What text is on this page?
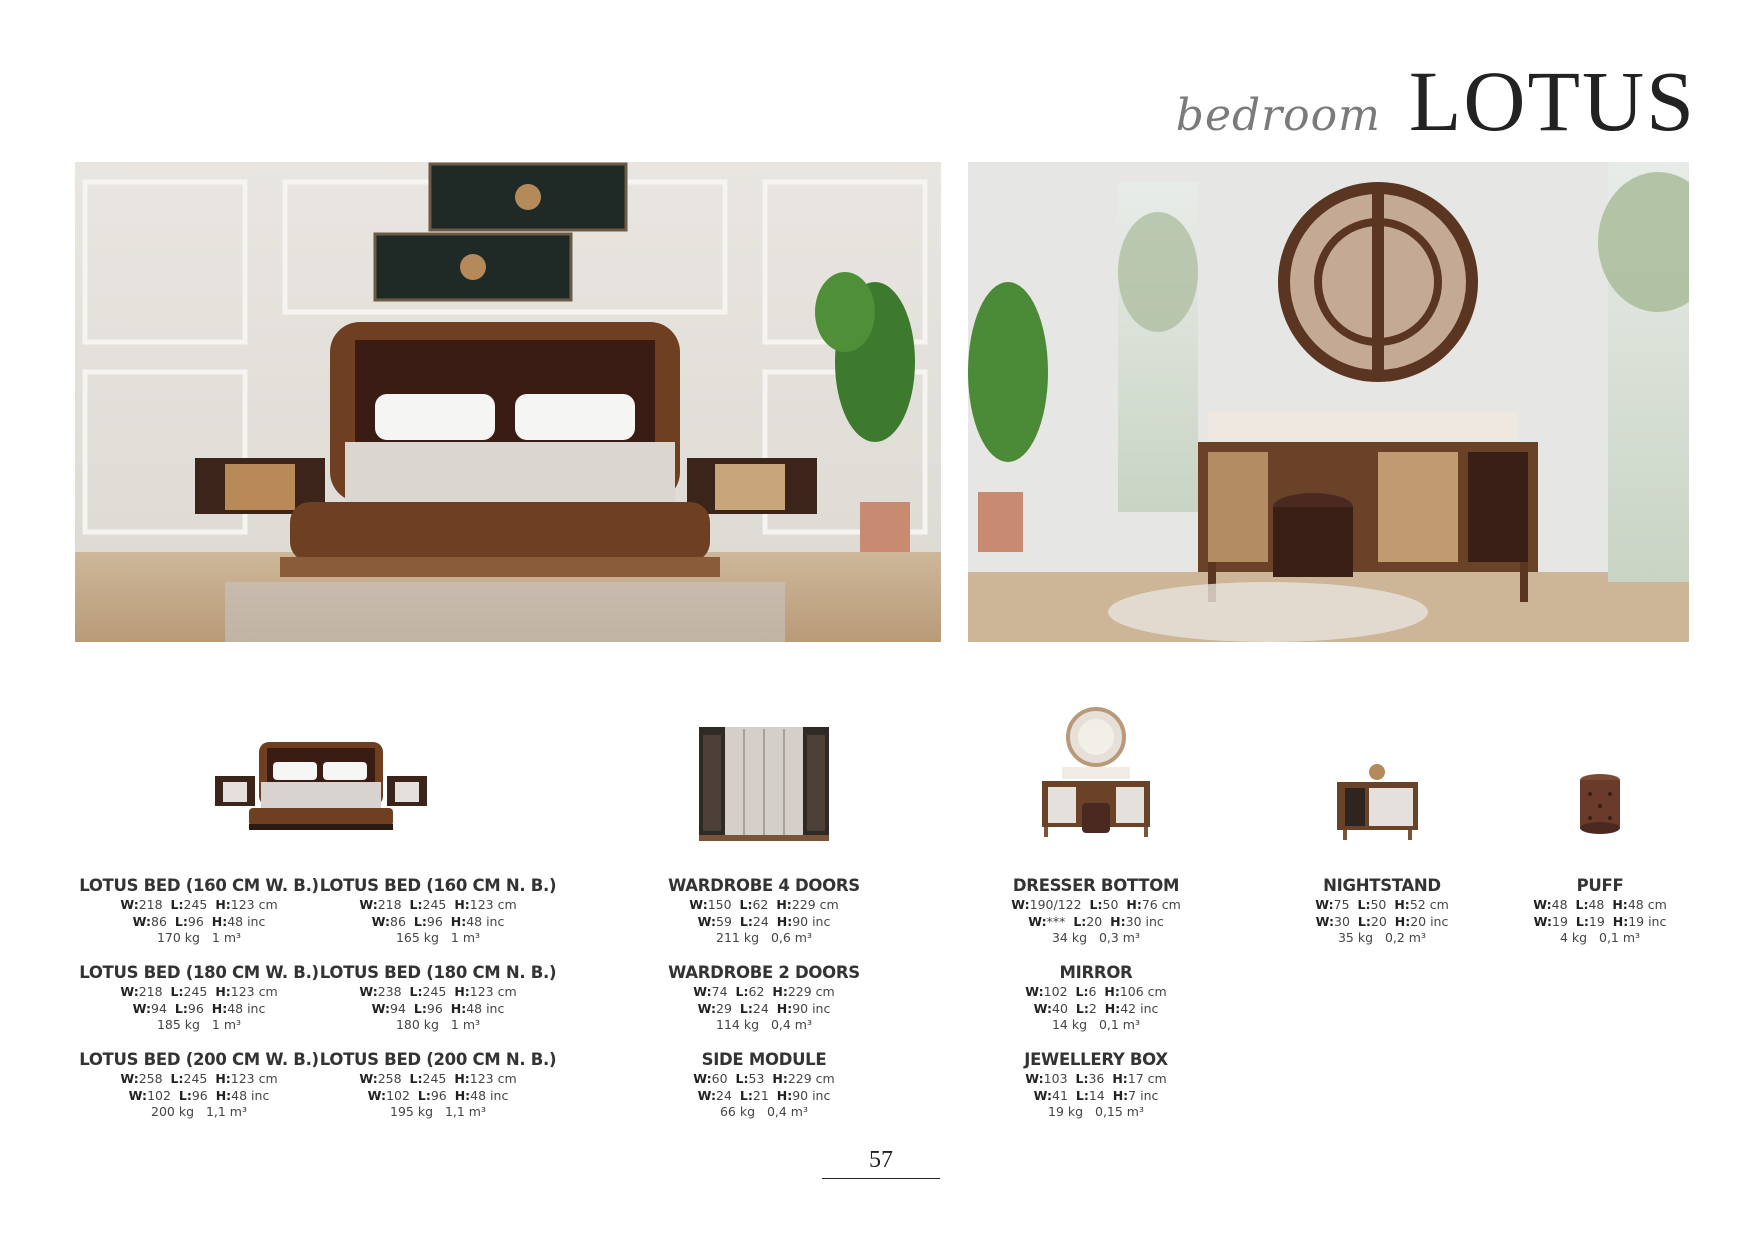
bedroom LOTUS
LOTUS BED (160 CM W. B.)
W:218 L:245 H:123 cm
W:86 L:96 H:48 inc
170 kg   1 m³
LOTUS BED (160 CM N. B.)
W:218 L:245 H:123 cm
W:86 L:96 H:48 inc
165 kg   1 m³
LOTUS BED (180 CM W. B.)
W:218 L:245 H:123 cm
W:94 L:96 H:48 inc
185 kg   1 m³
LOTUS BED (180 CM N. B.)
W:238 L:245 H:123 cm
W:94 L:96 H:48 inc
180 kg   1 m³
LOTUS BED (200 CM W. B.)
W:258 L:245 H:123 cm
W:102 L:96 H:48 inc
200 kg   1,1 m³
LOTUS BED (200 CM N. B.)
W:258 L:245 H:123 cm
W:102 L:96 H:48 inc
195 kg   1,1 m³
WARDROBE 4 DOORS
W:150 L:62 H:229 cm
W:59 L:24 H:90 inc
211 kg   0,6 m³
WARDROBE 2 DOORS
W:74 L:62 H:229 cm
W:29 L:24 H:90 inc
114 kg   0,4 m³
SIDE MODULE
W:60 L:53 H:229 cm
W:24 L:21 H:90 inc
66 kg   0,4 m³
DRESSER BOTTOM
W:190/122 L:50 H:76 cm
W:*** L:20 H:30 inc
34 kg   0,3 m³
MIRROR
W:102 L:6 H:106 cm
W:40 L:2 H:42 inc
14 kg   0,1 m³
JEWELLERY BOX
W:103 L:36 H:17 cm
W:41 L:14 H:7 inc
19 kg   0,15 m³
NIGHTSTAND
W:75 L:50 H:52 cm
W:30 L:20 H:20 inc
35 kg   0,2 m³
PUFF
W:48 L:48 H:48 cm
W:19 L:19 H:19 inc
4 kg   0,1 m³
57
